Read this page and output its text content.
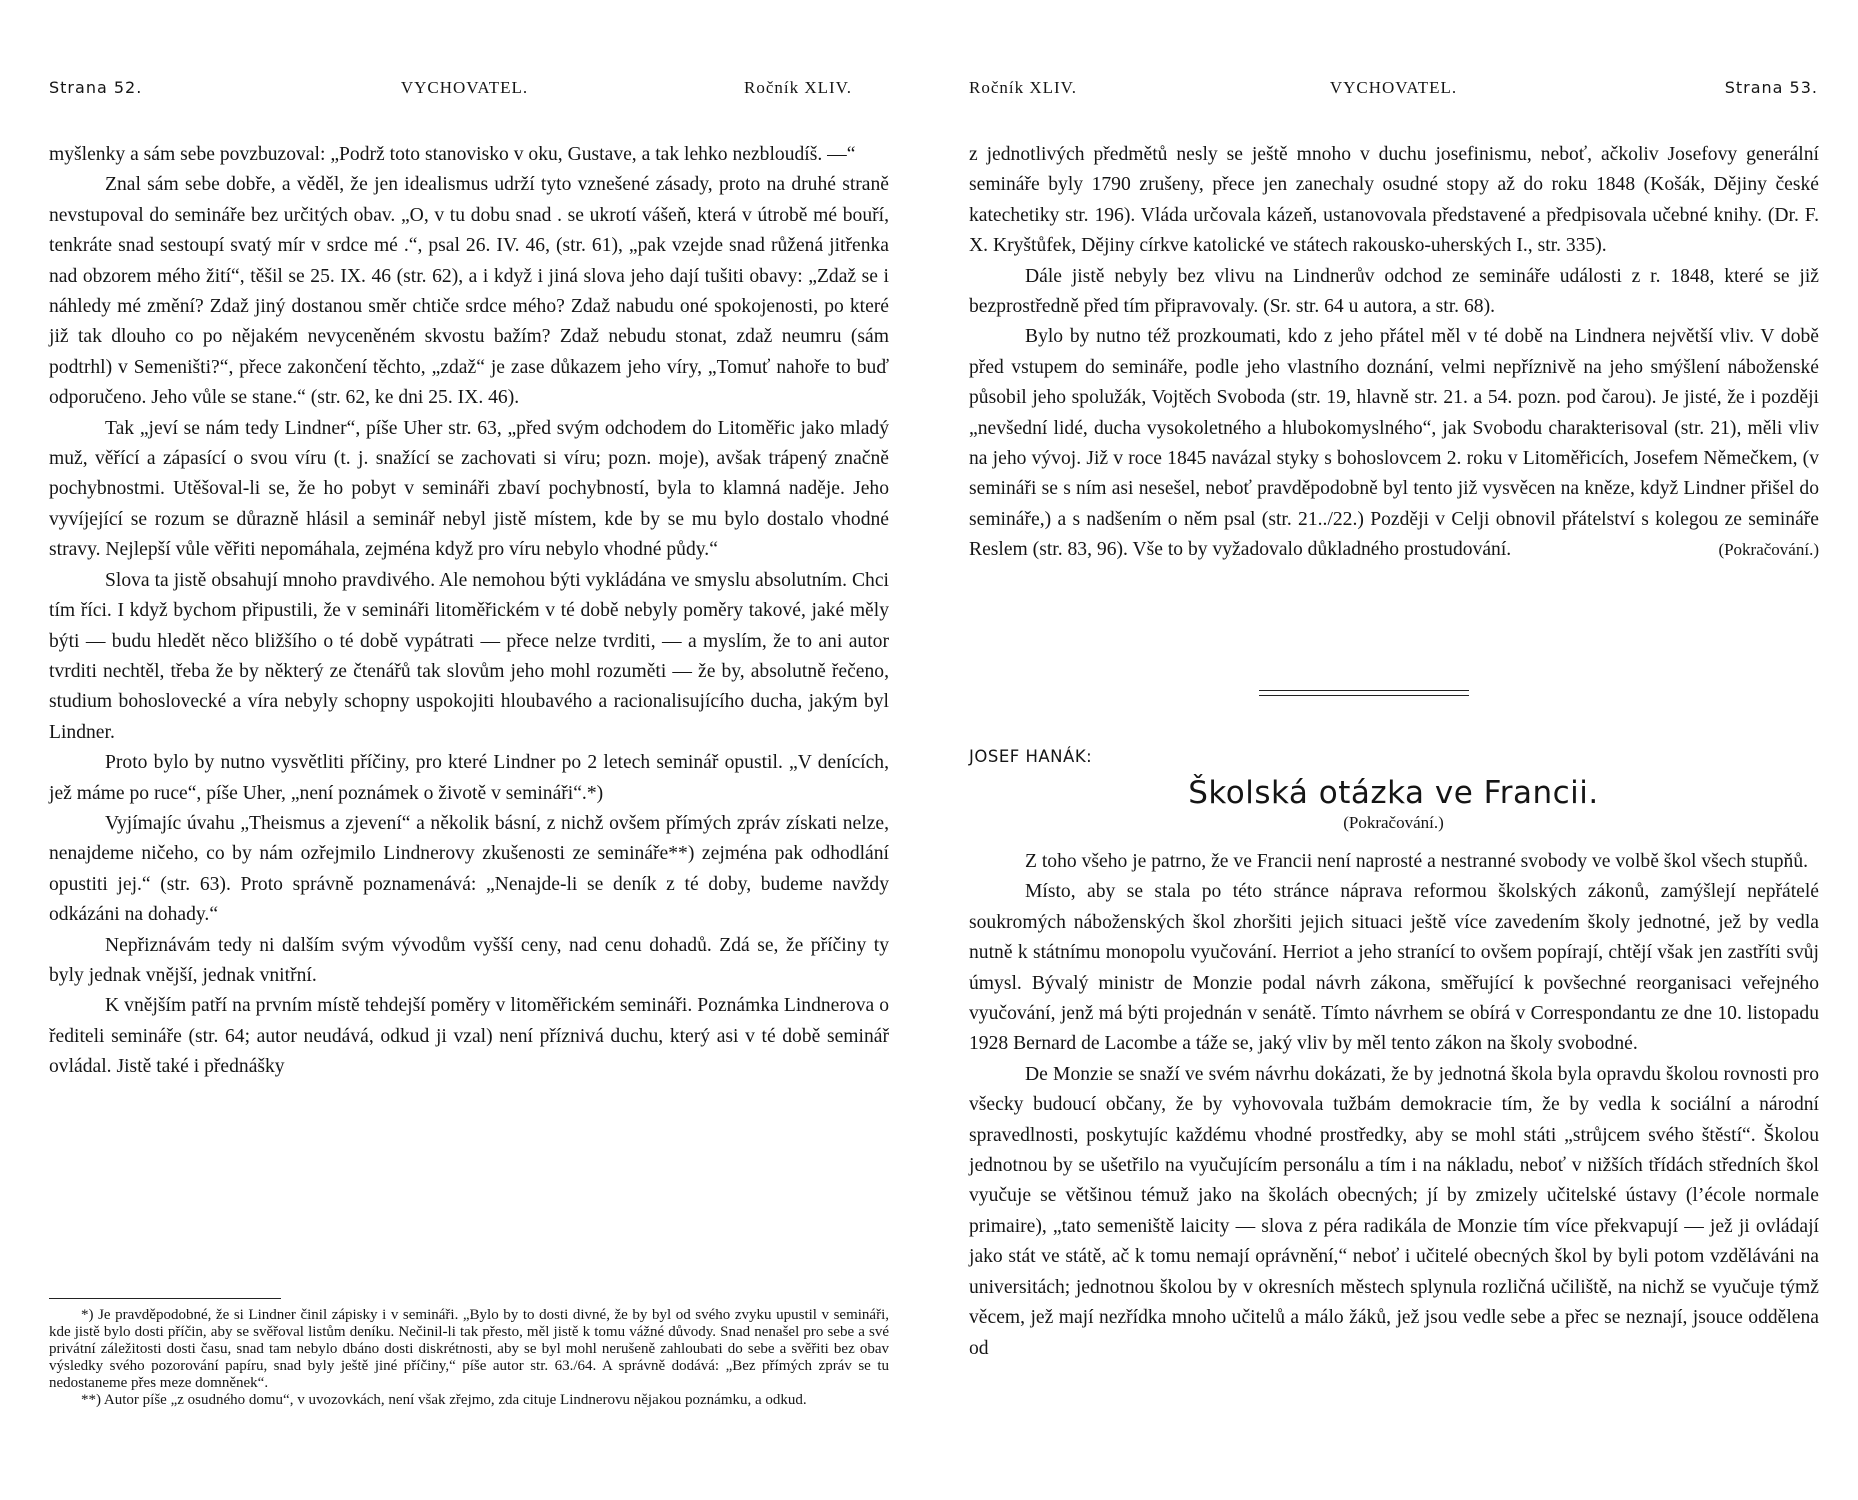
Strana 52.	VYCHOVATEL.	Ročník XLIV.

myšlenky a sám sebe povzbuzoval: „Podrž toto stanovisko v oku, Gustave, a tak lehko nezbloudíš. —“

Znal sám sebe dobře, a věděl, že jen idealismus udrží tyto vznešené zásady, proto na druhé straně nevstupoval do semináře bez určitých obav. „O, v tu dobu snad . se ukrotí vášeň, která v útrobě mé bouří, tenkráte snad sestoupí svatý mír v srdce mé .“, psal 26. IV. 46, (str. 61), „pak vzejde snad růžená jitřenka nad obzorem mého žití“, těšil se 25. IX. 46 (str. 62), a i když i jiná slova jeho dají tušiti obavy: „Zdaž se i náhledy mé změní? Zdaž jiný dostanou směr chtiče srdce mého? Zdaž nabudu oné spokojenosti, po které již tak dlouho co po nějakém nevyceněném skvostu bažím? Zdaž nebudu stonat, zdaž neumru (sám podtrhl) v Semeništi?“, přece zakončení těchto, „zdaž“ je zase důkazem jeho víry, „Tomuť nahoře to buď odporučeno. Jeho vůle se stane.“ (str. 62, ke dni 25. IX. 46).

Tak „jeví se nám tedy Lindner“, píše Uher str. 63, „před svým odchodem do Litoměřic jako mladý muž, věřící a zápasící o svou víru (t. j. snažící se zachovati si víru; pozn. moje), avšak trápený značně pochybnostmi. Utěšoval-li se, že ho pobyt v semináři zbaví pochybností, byla to klamná naděje. Jeho vyvíjející se rozum se důrazně hlásil a seminář nebyl jistě místem, kde by se mu bylo dostalo vhodné stravy. Nejlepší vůle věřiti nepomáhala, zejména když pro víru nebylo vhodné půdy.“

Slova ta jistě obsahují mnoho pravdivého. Ale nemohou býti vykládána ve smyslu absolutním. Chci tím říci. I když bychom připustili, že v semináři litoměřickém v té době nebyly poměry takové, jaké měly býti — budu hledět něco bližšího o té době vypátrati — přece nelze tvrditi, — a myslím, že to ani autor tvrditi nechtěl, třeba že by některý ze čtenářů tak slovům jeho mohl rozuměti — že by, absolutně řečeno, studium bohoslovecké a víra nebyly schopny uspokojiti hloubavého a racionalisujícího ducha, jakým byl Lindner.

Proto bylo by nutno vysvětliti příčiny, pro které Lindner po 2 letech seminář opustil. „V denících, jež máme po ruce“, píše Uher, „není poznámek o životě v semináři“.*)

Vyjímajíc úvahu „Theismus a zjevení“ a několik básní, z nichž ovšem přímých zpráv získati nelze, nenajdeme ničeho, co by nám ozřejmilo Lindnerovy zkušenosti ze semináře**) zejména pak odhodlání opustiti jej.“ (str. 63). Proto správně poznamenává: „Nenajde-li se deník z té doby, budeme navždy odkázáni na dohady.“

Nepřiznávám tedy ni dalším svým vývodům vyšší ceny, nad cenu dohadů. Zdá se, že příčiny ty byly jednak vnější, jednak vnitřní.

K vnějším patří na prvním místě tehdejší poměry v litoměřickém semináři. Poznámka Lindnerova o řediteli semináře (str. 64; autor neudává, odkud ji vzal) není příznivá duchu, který asi v té době seminář ovládal. Jistě také i přednášky

*) Je pravděpodobné, že si Lindner činil zápisky i v semináři. „Bylo by to dosti divné, že by byl od svého zvyku upustil v semináři, kde jistě bylo dosti příčin, aby se svěřoval listům deníku. Nečinil-li tak přesto, měl jistě k tomu vážné důvody. Snad nenašel pro sebe a své privátní záležitosti dosti času, snad tam nebylo dbáno dosti diskrétnosti, aby se byl mohl nerušeně zahloubati do sebe a svěřiti bez obav výsledky svého pozorování papíru, snad byly ještě jiné příčiny,“ píše autor str. 63./64. A správně dodává: „Bez přímých zpráv se tu nedostaneme přes meze domněnek“.

**) Autor píše „z osudného domu“, v uvozovkách, není však zřejmo, zda cituje Lindnerovu nějakou poznámku, a odkud.

Ročník XLIV.	VYCHOVATEL.	Strana 53.

z jednotlivých předmětů nesly se ještě mnoho v duchu josefinismu, neboť, ačkoliv Josefovy generální semináře byly 1790 zrušeny, přece jen zanechaly osudné stopy až do roku 1848 (Košák, Dějiny české katechetiky str. 196). Vláda určovala kázeň, ustanovovala představené a předpisovala učebné knihy. (Dr. F. X. Kryštůfek, Dějiny církve katolické ve státech rakousko-uherských I., str. 335).

Dále jistě nebyly bez vlivu na Lindnerův odchod ze semináře události z r. 1848, které se již bezprostředně před tím připravovaly. (Sr. str. 64 u autora, a str. 68).

Bylo by nutno též prozkoumati, kdo z jeho přátel měl v té době na Lindnera největší vliv. V době před vstupem do semináře, podle jeho vlastního doznání, velmi nepříznivě na jeho smýšlení náboženské působil jeho spolužák, Vojtěch Svoboda (str. 19, hlavně str. 21. a 54. pozn. pod čarou). Je jisté, že i později „nevšední lidé, ducha vysokoletného a hlubokomyslného“, jak Svobodu charakterisoval (str. 21), měli vliv na jeho vývoj. Již v roce 1845 navázal styky s bohoslovcem 2. roku v Litoměřicích, Josefem Němečkem, (v semináři se s ním asi nesešel, neboť pravděpodobně byl tento již vysvěcen na kněze, když Lindner přišel do semináře,) a s nadšením o něm psal (str. 21../22.) Později v Celji obnovil přátelství s kolegou ze semináře Reslem (str. 83, 96). Vše to by vyžadovalo důkladného prostudování.	(Pokračování.)

JOSEF HANÁK:
Školská otázka ve Francii.
(Pokračování.)

Z toho všeho je patrno, že ve Francii není naprosté a nestranné svobody ve volbě škol všech stupňů.

Místo, aby se stala po této stránce náprava reformou školských zákonů, zamýšlejí nepřátelé soukromých náboženských škol zhoršiti jejich situaci ještě více zavedením školy jednotné, jež by vedla nutně k státnímu monopolu vyučování. Herriot a jeho stranící to ovšem popírají, chtějí však jen zastříti svůj úmysl. Bývalý ministr de Monzie podal návrh zákona, směřující k povšechné reorganisaci veřejného vyučování, jenž má býti projednán v senátě. Tímto návrhem se obírá v Correspondantu ze dne 10. listopadu 1928 Bernard de Lacombe a táže se, jaký vliv by měl tento zákon na školy svobodné.

De Monzie se snaží ve svém návrhu dokázati, že by jednotná škola byla opravdu školou rovnosti pro všecky budoucí občany, že by vyhovovala tužbám demokracie tím, že by vedla k sociální a národní spravedlnosti, poskytujíc každému vhodné prostředky, aby se mohl státi „strůjcem svého štěstí“. Školou jednotnou by se ušetřilo na vyučujícím personálu a tím i na nákladu, neboť v nižších třídách středních škol vyučuje se většinou témuž jako na školách obecných; jí by zmizely učitelské ústavy (l’école normale primaire), „tato semeniště laicity — slova z péra radikála de Monzie tím více překvapují — jež ji ovládají jako stát ve státě, ač k tomu nemají oprávnění,“ neboť i učitelé obecných škol by byli potom vzděláváni na universitách; jednotnou školou by v okresních městech splynula rozličná učiliště, na nichž se vyučuje týmž věcem, jež mají nezřídka mnoho učitelů a málo žáků, jež jsou vedle sebe a přec se neznají, jsouce oddělena od
